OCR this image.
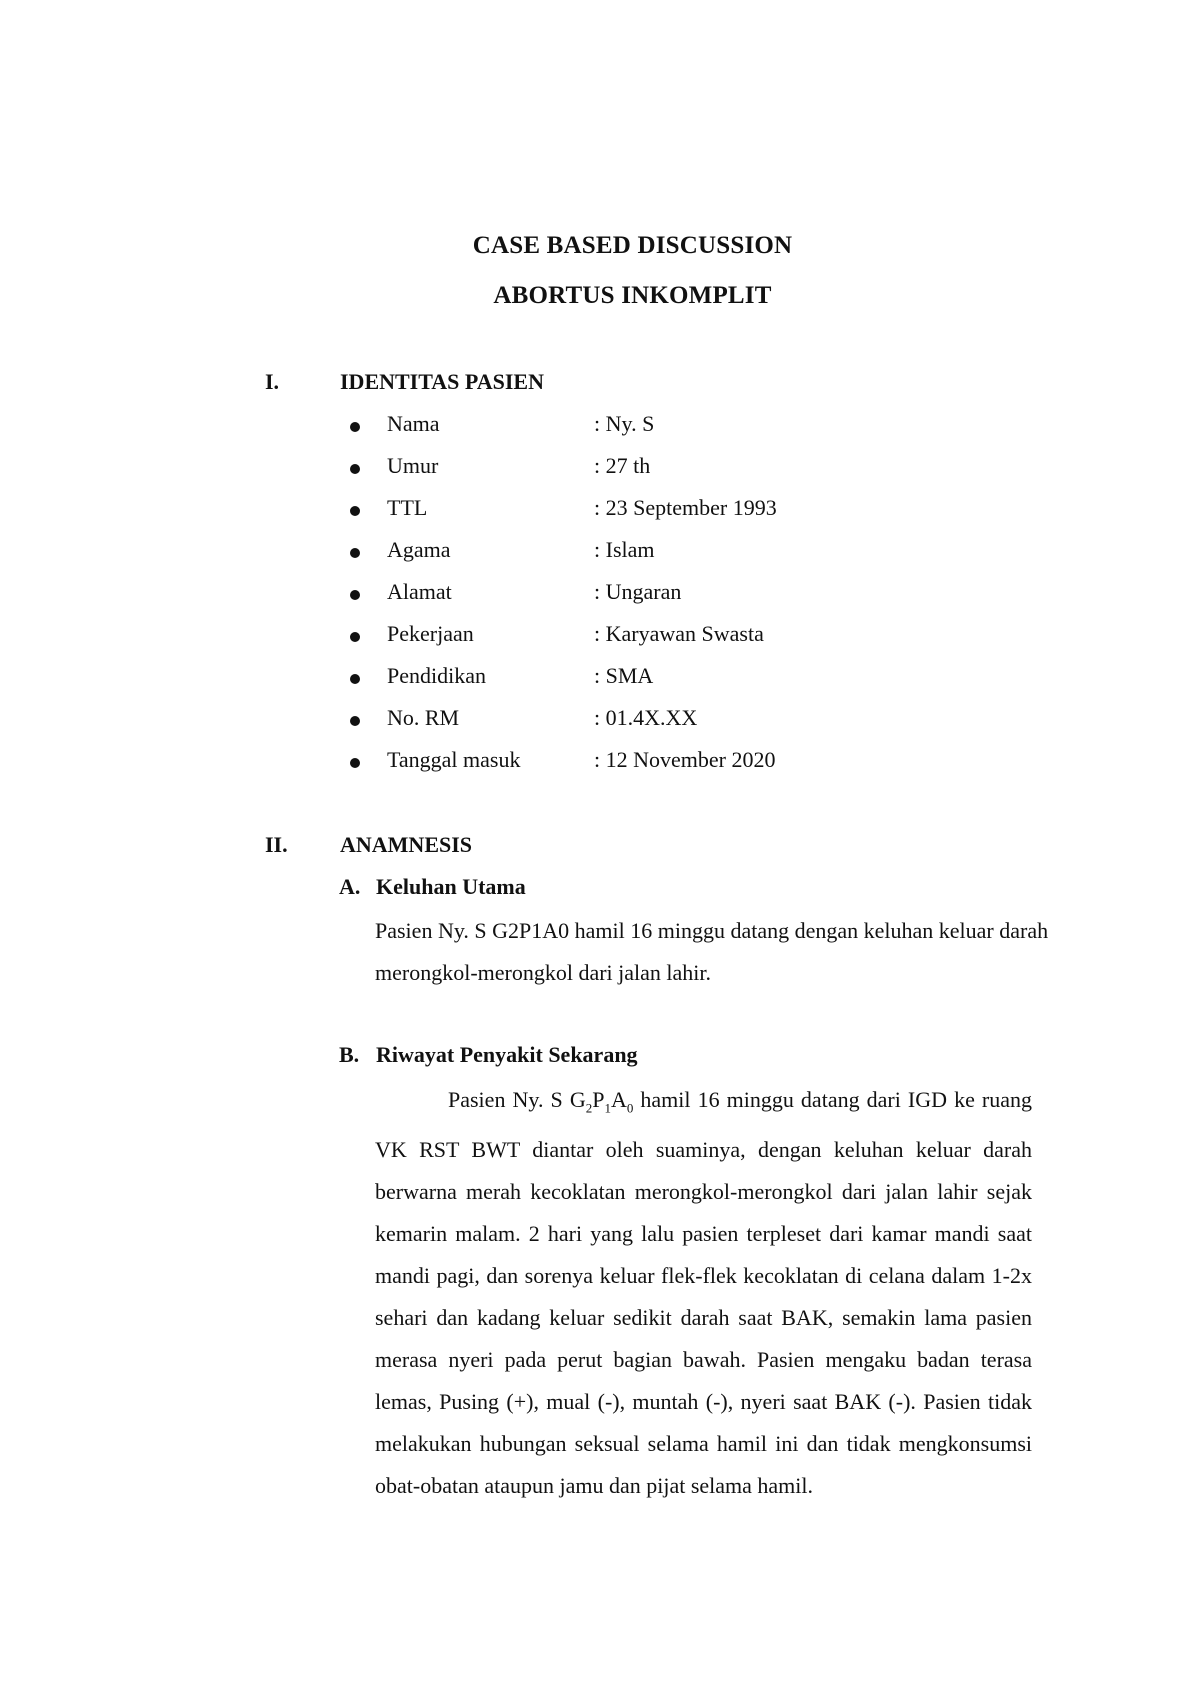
CASE BASED DISCUSSION
ABORTUS INKOMPLIT
I.	IDENTITAS PASIEN
Nama	: Ny. S
Umur	: 27 th
TTL	: 23 September 1993
Agama	: Islam
Alamat	: Ungaran
Pekerjaan	: Karyawan Swasta
Pendidikan	: SMA
No. RM	: 01.4X.XX
Tanggal masuk	: 12 November 2020
II. ANAMNESIS
A. Keluhan Utama
Pasien Ny. S G2P1A0 hamil 16 minggu datang dengan keluhan keluar darah merongkol-merongkol dari jalan lahir.
B. Riwayat Penyakit Sekarang
Pasien Ny. S $G_2P_1A_0$ hamil 16 minggu datang dari IGD ke ruang VK RST BWT diantar oleh suaminya, dengan keluhan keluar darah berwarna merah kecoklatan merongkol-merongkol dari jalan lahir sejak kemarin malam. 2 hari yang lalu pasien terpleset dari kamar mandi saat mandi pagi, dan sorenya keluar flek-flek kecoklatan di celana dalam 1-2x sehari dan kadang keluar sedikit darah saat BAK, semakin lama pasien merasa nyeri pada perut bagian bawah. Pasien mengaku badan terasa lemas, Pusing (+), mual (-), muntah (-), nyeri saat BAK (-). Pasien tidak melakukan hubungan seksual selama hamil ini dan tidak mengkonsumsi obat-obatan ataupun jamu dan pijat selama hamil.
